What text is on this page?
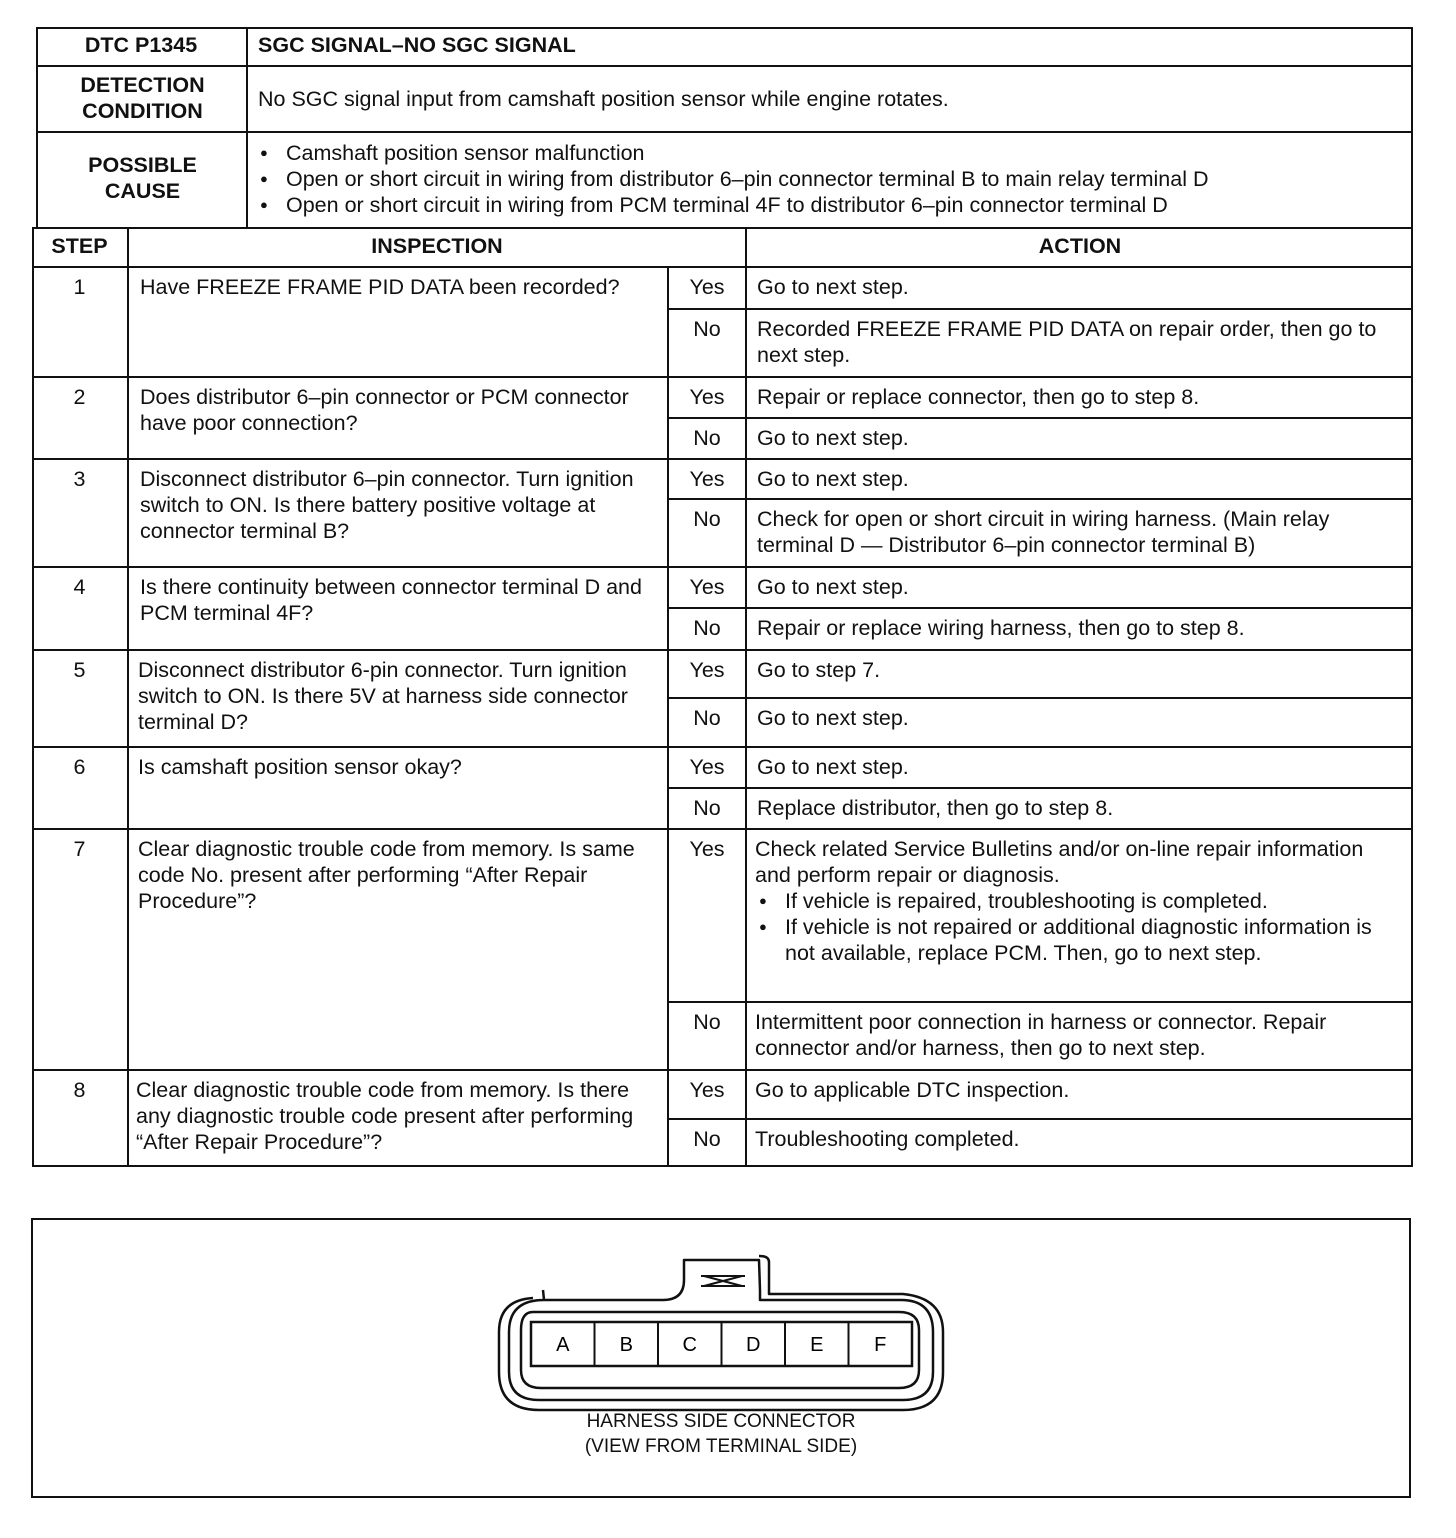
DTC P1345	SGC SIGNAL–NO SGC SIGNAL
DETECTION CONDITION	No SGC signal input from camshaft position sensor while engine rotates.
POSSIBLE CAUSE
● Camshaft position sensor malfunction
● Open or short circuit in wiring from distributor 6–pin connector terminal B to main relay terminal D
● Open or short circuit in wiring from PCM terminal 4F to distributor 6–pin connector terminal D
STEP	INSPECTION	ACTION
1	Have FREEZE FRAME PID DATA been recorded?	Yes	Go to next step.
No	Recorded FREEZE FRAME PID DATA on repair order, then go to next step.
2	Does distributor 6–pin connector or PCM connector have poor connection?
Yes	Repair or replace connector, then go to step 8.
No	Go to next step.
3	Disconnect distributor 6–pin connector. Turn ignition switch to ON. Is there battery positive voltage at connector terminal B?
Yes	Go to next step.
No	Check for open or short circuit in wiring harness. (Main relay terminal D — Distributor 6–pin connector terminal B)
4	Is there continuity between connector terminal D and PCM terminal 4F?
Yes	Go to next step.
No	Repair or replace wiring harness, then go to step 8.
5	Disconnect distributor 6-pin connector. Turn ignition switch to ON. Is there 5V at harness side connector terminal D?
Yes	Go to step 7.
No	Go to next step.
6	Is camshaft position sensor okay?	Yes	Go to next step.
No	Replace distributor, then go to step 8.
7	Clear diagnostic trouble code from memory. Is same code No. present after performing “After Repair Procedure”?
Yes	Check related Service Bulletins and/or on-line repair information and perform repair or diagnosis.
● If vehicle is repaired, troubleshooting is completed.
● If vehicle is not repaired or additional diagnostic information is not available, replace PCM. Then, go to next step.
No	Intermittent poor connection in harness or connector. Repair connector and/or harness, then go to next step.
8	Clear diagnostic trouble code from memory. Is there any diagnostic trouble code present after performing “After Repair Procedure”?
Yes	Go to applicable DTC inspection.
No	Troubleshooting completed.
A	B C D E	F
HARNESS SIDE CONNECTOR
(VIEW FROM TERMINAL SIDE)
